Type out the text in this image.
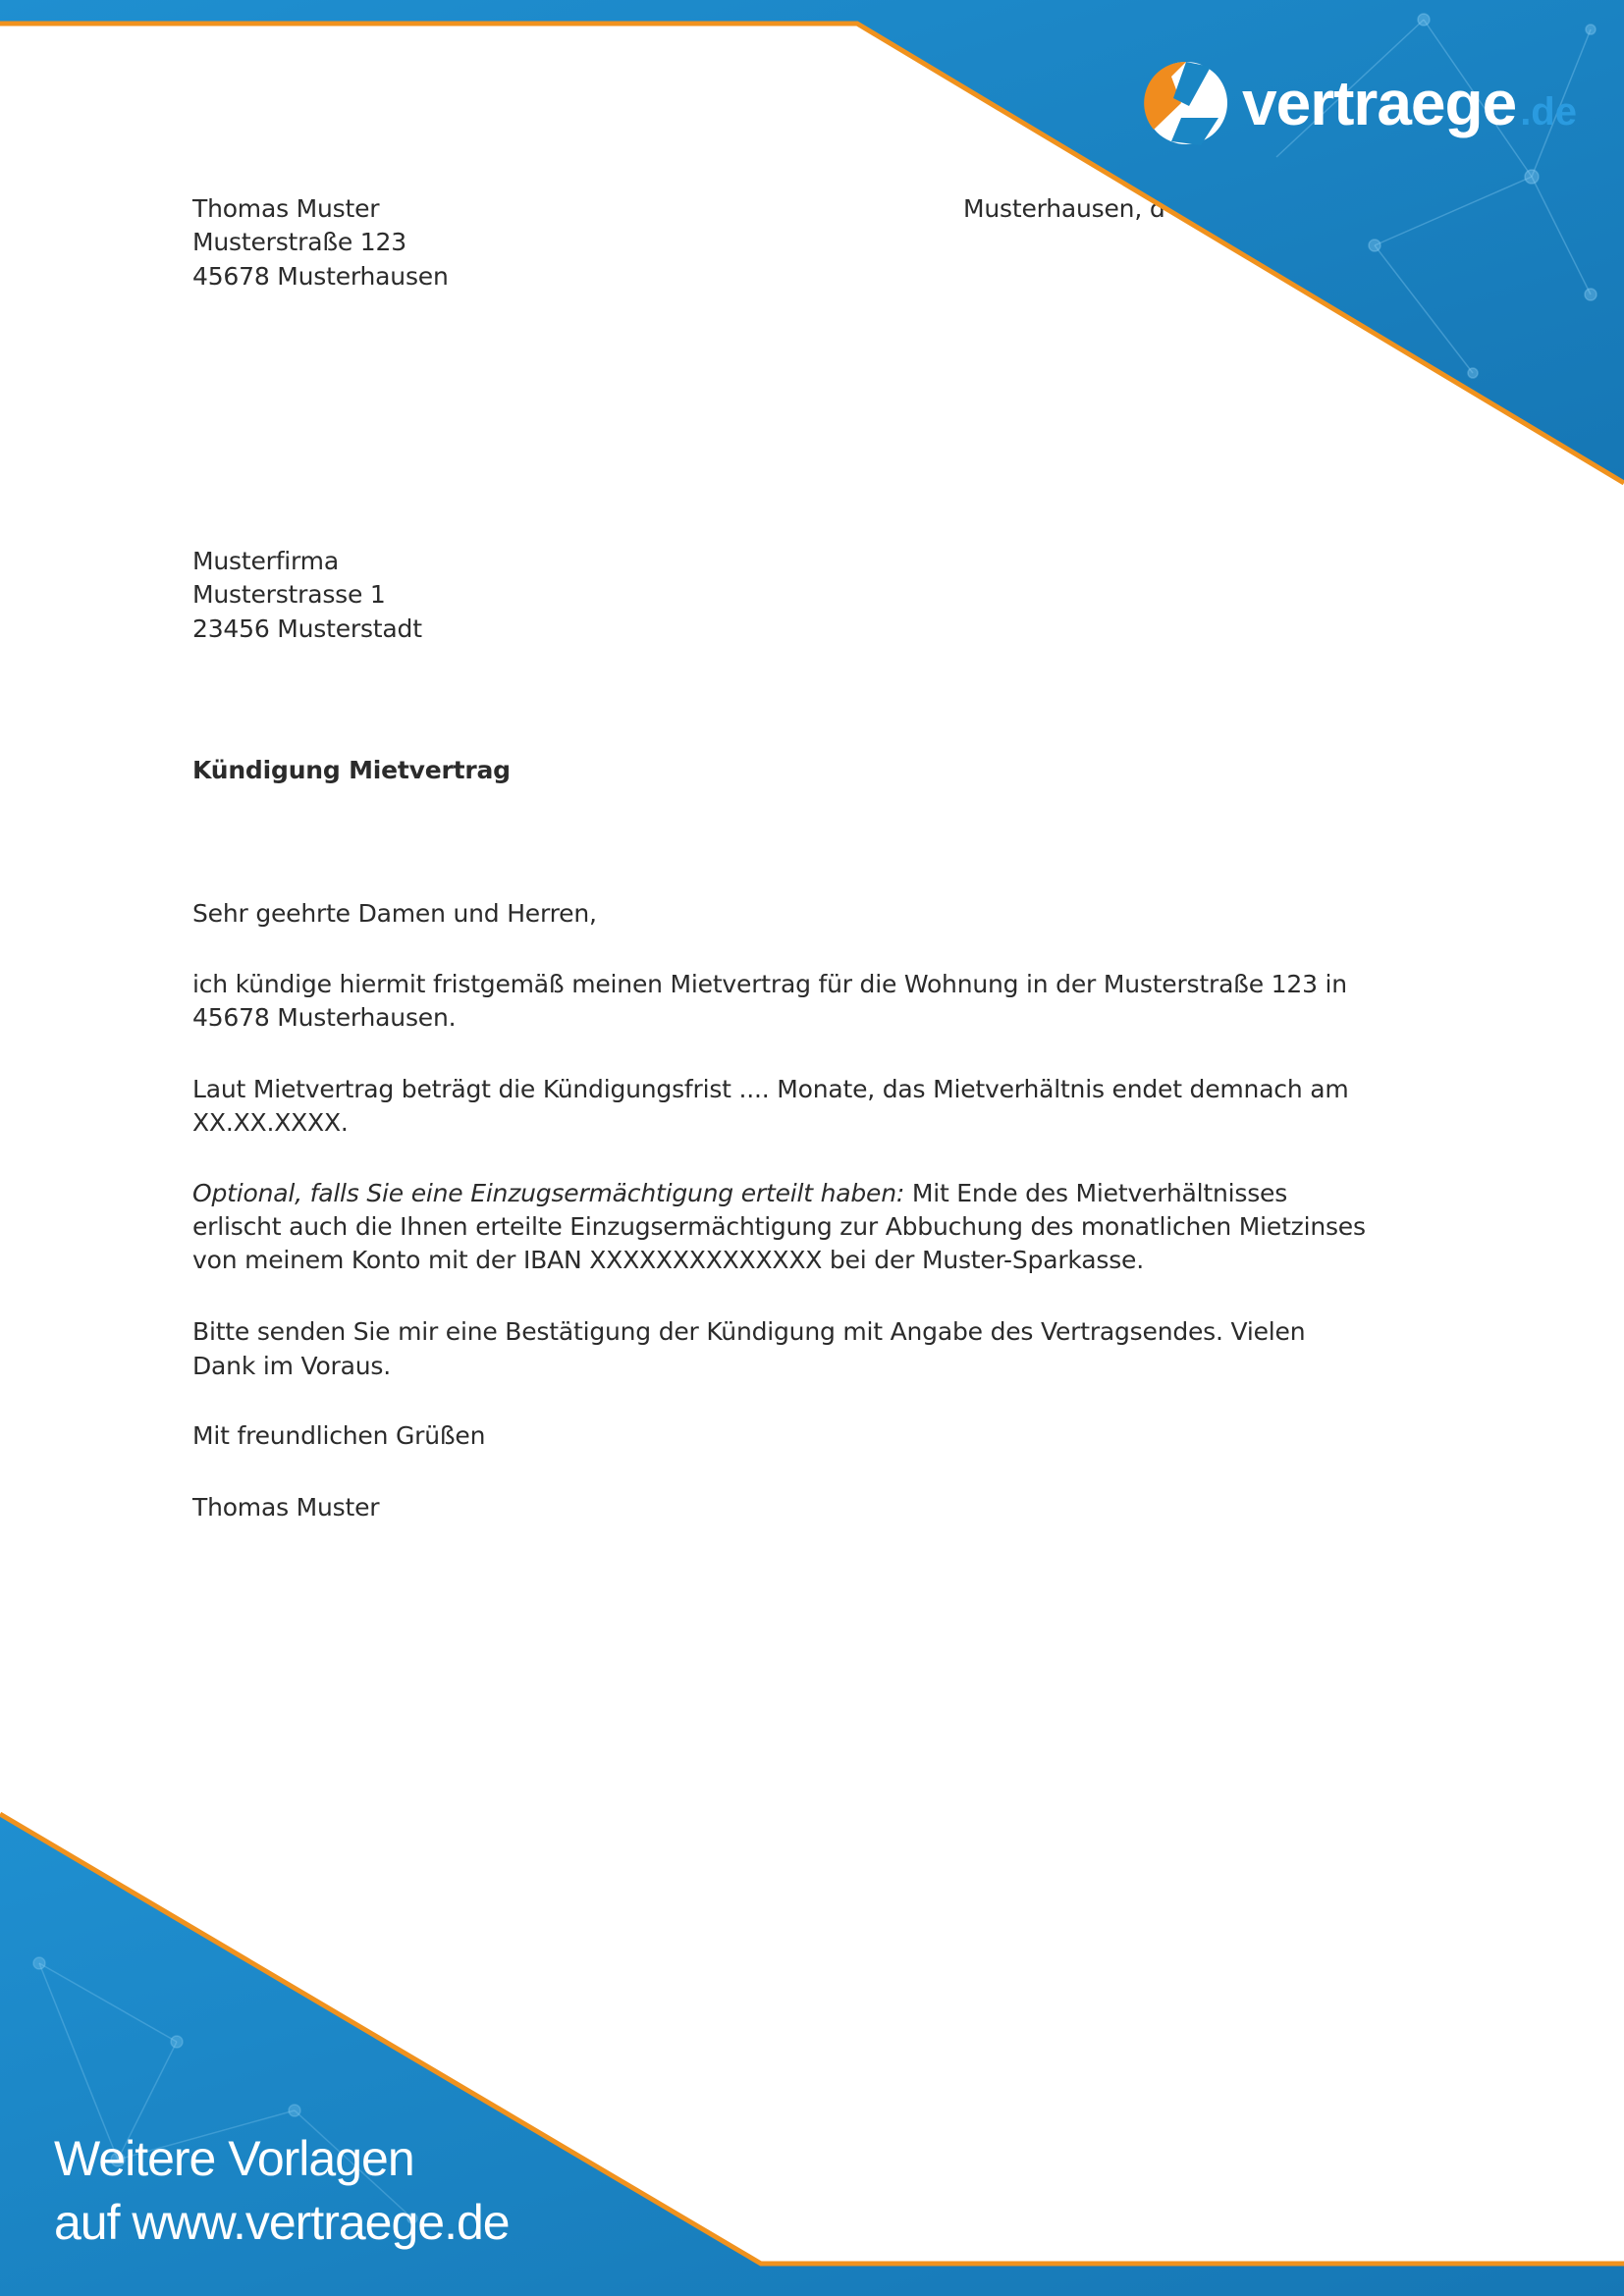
Thomas Muster
Musterstraße 123
45678 Musterhausen
Musterhausen, d
Musterfirma
Musterstrasse 1
23456 Musterstadt
Kündigung Mietvertrag
Sehr geehrte Damen und Herren,
ich kündige hiermit fristgemäß meinen Mietvertrag für die Wohnung in der Musterstraße 123 in
45678 Musterhausen.
Laut Mietvertrag beträgt die Kündigungsfrist .... Monate, das Mietverhältnis endet demnach am
XX.XX.XXXX.
Optional, falls Sie eine Einzugsermächtigung erteilt haben: Mit Ende des Mietverhältnisses
erlischt auch die Ihnen erteilte Einzugsermächtigung zur Abbuchung des monatlichen Mietzinses
von meinem Konto mit der IBAN XXXXXXXXXXXXXX bei der Muster-Sparkasse.
Bitte senden Sie mir eine Bestätigung der Kündigung mit Angabe des Vertragsendes. Vielen
Dank im Voraus.
Mit freundlichen Grüßen
Thomas Muster
vertraege .de
Weitere Vorlagen
auf www.vertraege.de
